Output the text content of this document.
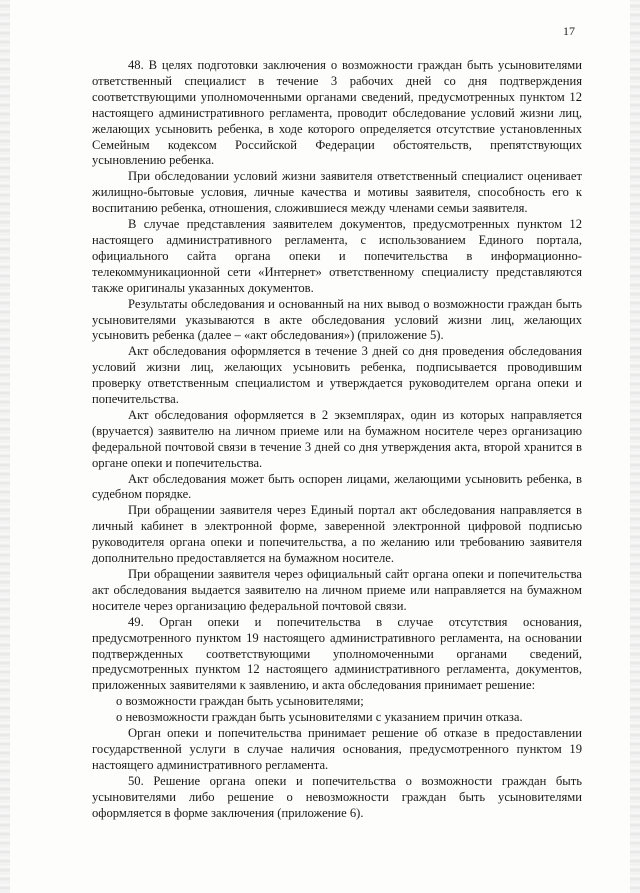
17

48. В целях подготовки заключения о возможности граждан быть усыновителями ответственный специалист в течение 3 рабочих дней со дня подтверждения соответствующими уполномоченными органами сведений, предусмотренных пунктом 12 настоящего административного регламента, проводит обследование условий жизни лиц, желающих усыновить ребенка, в ходе которого определяется отсутствие установленных Семейным кодексом Российской Федерации обстоятельств, препятствующих усыновлению ребенка.

При обследовании условий жизни заявителя ответственный специалист оценивает жилищно-бытовые условия, личные качества и мотивы заявителя, способность его к воспитанию ребенка, отношения, сложившиеся между членами семьи заявителя.

В случае представления заявителем документов, предусмотренных пунктом 12 настоящего административного регламента, с использованием Единого портала, официального сайта органа опеки и попечительства в информационно-телекоммуникационной сети «Интернет» ответственному специалисту представляются также оригиналы указанных документов.

Результаты обследования и основанный на них вывод о возможности граждан быть усыновителями указываются в акте обследования условий жизни лиц, желающих усыновить ребенка (далее – «акт обследования») (приложение 5).

Акт обследования оформляется в течение 3 дней со дня проведения обследования условий жизни лиц, желающих усыновить ребенка, подписывается проводившим проверку ответственным специалистом и утверждается руководителем органа опеки и попечительства.

Акт обследования оформляется в 2 экземплярах, один из которых направляется (вручается) заявителю на личном приеме или на бумажном носителе через организацию федеральной почтовой связи в течение 3 дней со дня утверждения акта, второй хранится в органе опеки и попечительства.

Акт обследования может быть оспорен лицами, желающими усыновить ребенка, в судебном порядке.

При обращении заявителя через Единый портал акт обследования направляется в личный кабинет в электронной форме, заверенной электронной цифровой подписью руководителя органа опеки и попечительства, а по желанию или требованию заявителя дополнительно предоставляется на бумажном носителе.

При обращении заявителя через официальный сайт органа опеки и попечительства акт обследования выдается заявителю на личном приеме или направляется на бумажном носителе через организацию федеральной почтовой связи.

49. Орган опеки и попечительства в случае отсутствия основания, предусмотренного пунктом 19 настоящего административного регламента, на основании подтвержденных соответствующими уполномоченными органами сведений, предусмотренных пунктом 12 настоящего административного регламента, документов, приложенных заявителями к заявлению, и акта обследования принимает решение:

о возможности граждан быть усыновителями;

о невозможности граждан быть усыновителями с указанием причин отказа.

Орган опеки и попечительства принимает решение об отказе в предоставлении государственной услуги в случае наличия основания, предусмотренного пунктом 19 настоящего административного регламента.

50. Решение органа опеки и попечительства о возможности граждан быть усыновителями либо решение о невозможности граждан быть усыновителями оформляется в форме заключения (приложение 6).
